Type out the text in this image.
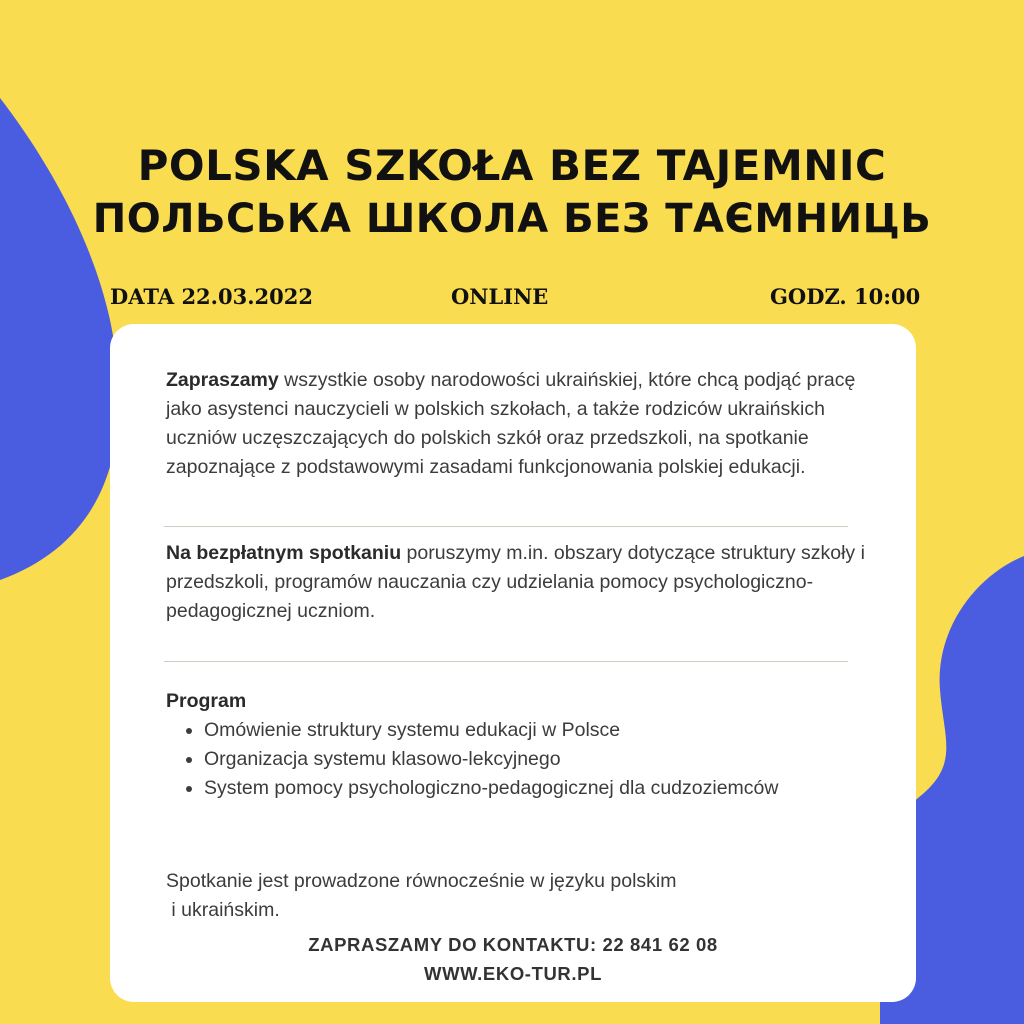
POLSKA SZKOŁA BEZ TAJEMNIC
ПОЛЬСЬКА ШКОЛА БЕЗ ТАЄМНИЦЬ
DATA 22.03.2022	ONLINE	GODZ. 10:00

Zapraszamy wszystkie osoby narodowości ukraińskiej, które chcą podjąć pracę jako asystenci nauczycieli w polskich szkołach, a także rodziców ukraińskich uczniów uczęszczających do polskich szkół oraz przedszkoli, na spotkanie zapoznające z podstawowymi zasadami funkcjonowania polskiej edukacji.

Na bezpłatnym spotkaniu poruszymy m.in. obszary dotyczące struktury szkoły i przedszkoli, programów nauczania czy udzielania pomocy psychologiczno-pedagogicznej uczniom.

Program

• Omówienie struktury systemu edukacji w Polsce
• Organizacja systemu klasowo-lekcyjnego
• System pomocy psychologiczno-pedagogicznej dla cudzoziemców

Spotkanie jest prowadzone równocześnie w języku polskim
i ukraińskim.

ZAPRASZAMY DO KONTAKTU: 22 841 62 08

WWW.EKO-TUR.PL
